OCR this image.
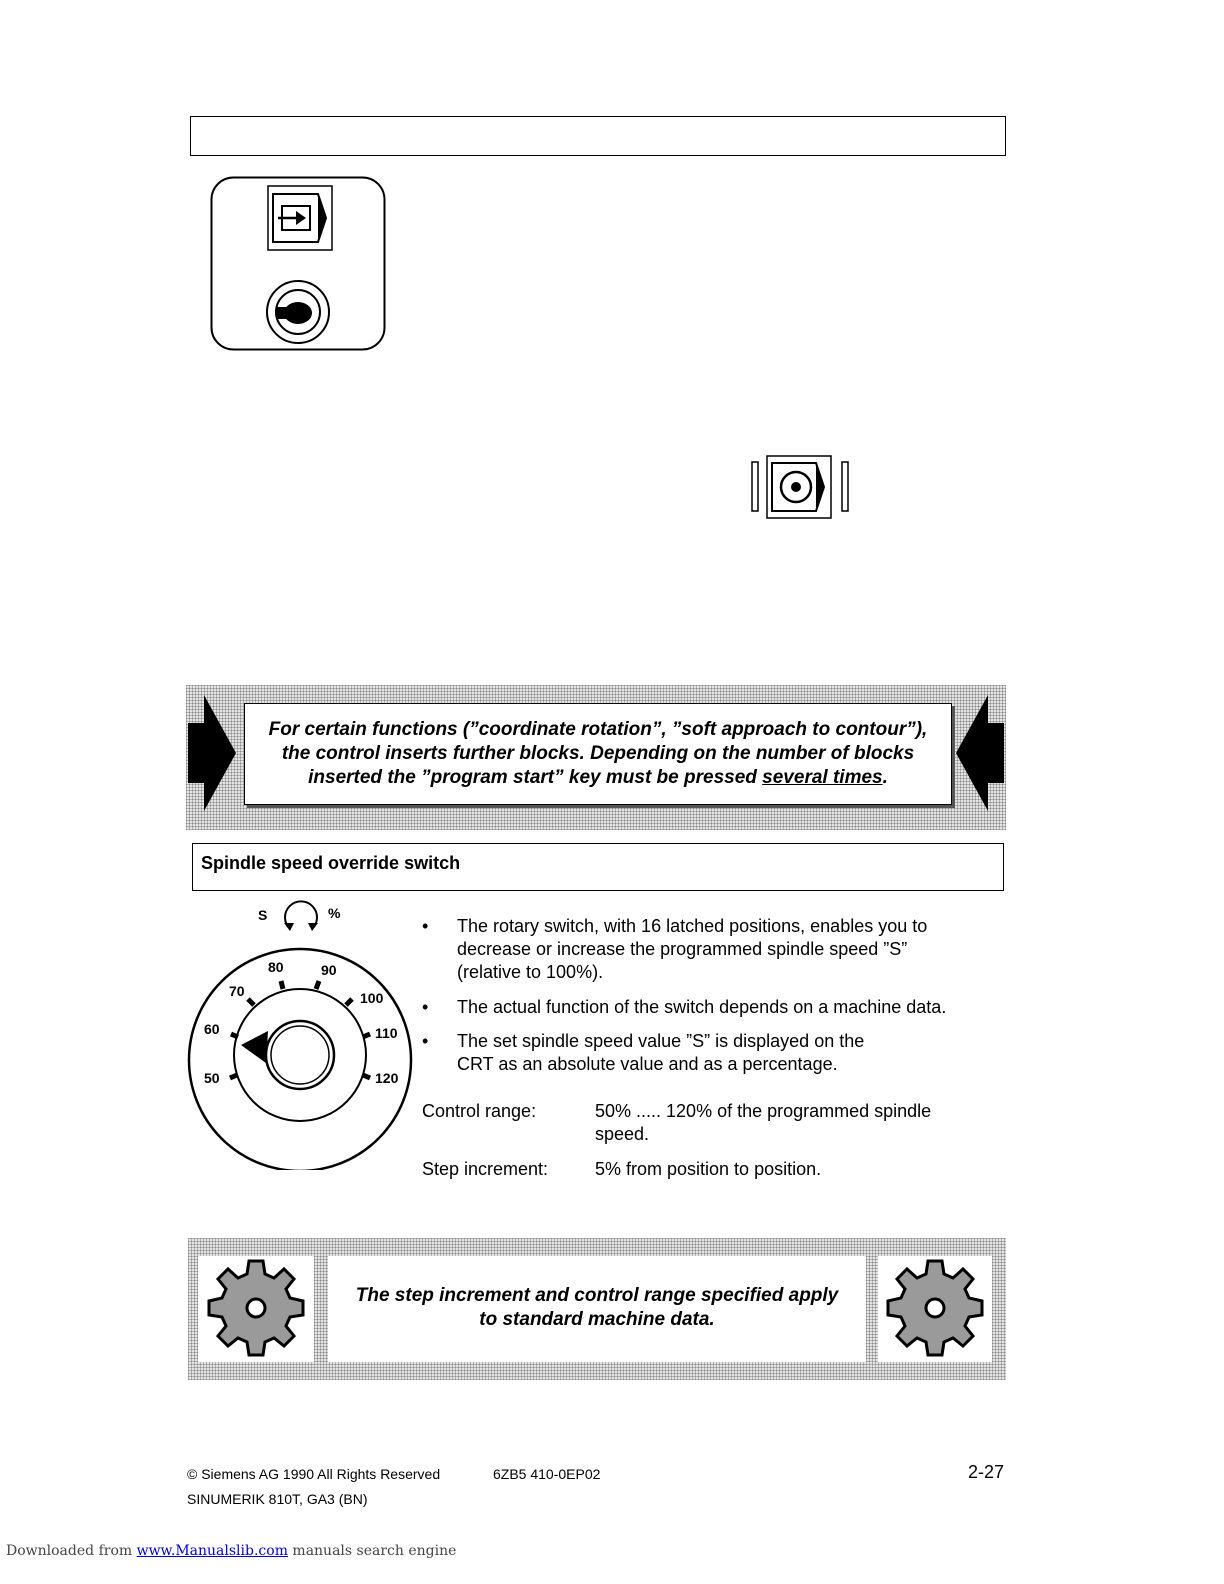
For certain functions (”coordinate rotation”, ”soft approach to contour”),
the control inserts further blocks. Depending on the number of blocks
inserted the ”program start” key must be pressed several times.
Spindle speed override switch
S	%
50
60
70
80	90
100
110
120
• The rotary switch, with 16 latched positions, enables you to
decrease or increase the programmed spindle speed ”S”
(relative to 100%).
• The actual function of the switch depends on a machine data.
• The set spindle speed value ”S” is displayed on the
CRT as an absolute value and as a percentage.
Control range:	50% ..... 120% of the programmed spindle
speed.
Step increment:	5% from position to position.
The step increment and control range specified apply
to standard machine data.
© Siemens AG 1990 All Rights Reserved	6ZB5 410-0EP02
SINUMERIK 810T, GA3 (BN)
2-27
Downloaded from www.Manualslib.com manuals search engine
